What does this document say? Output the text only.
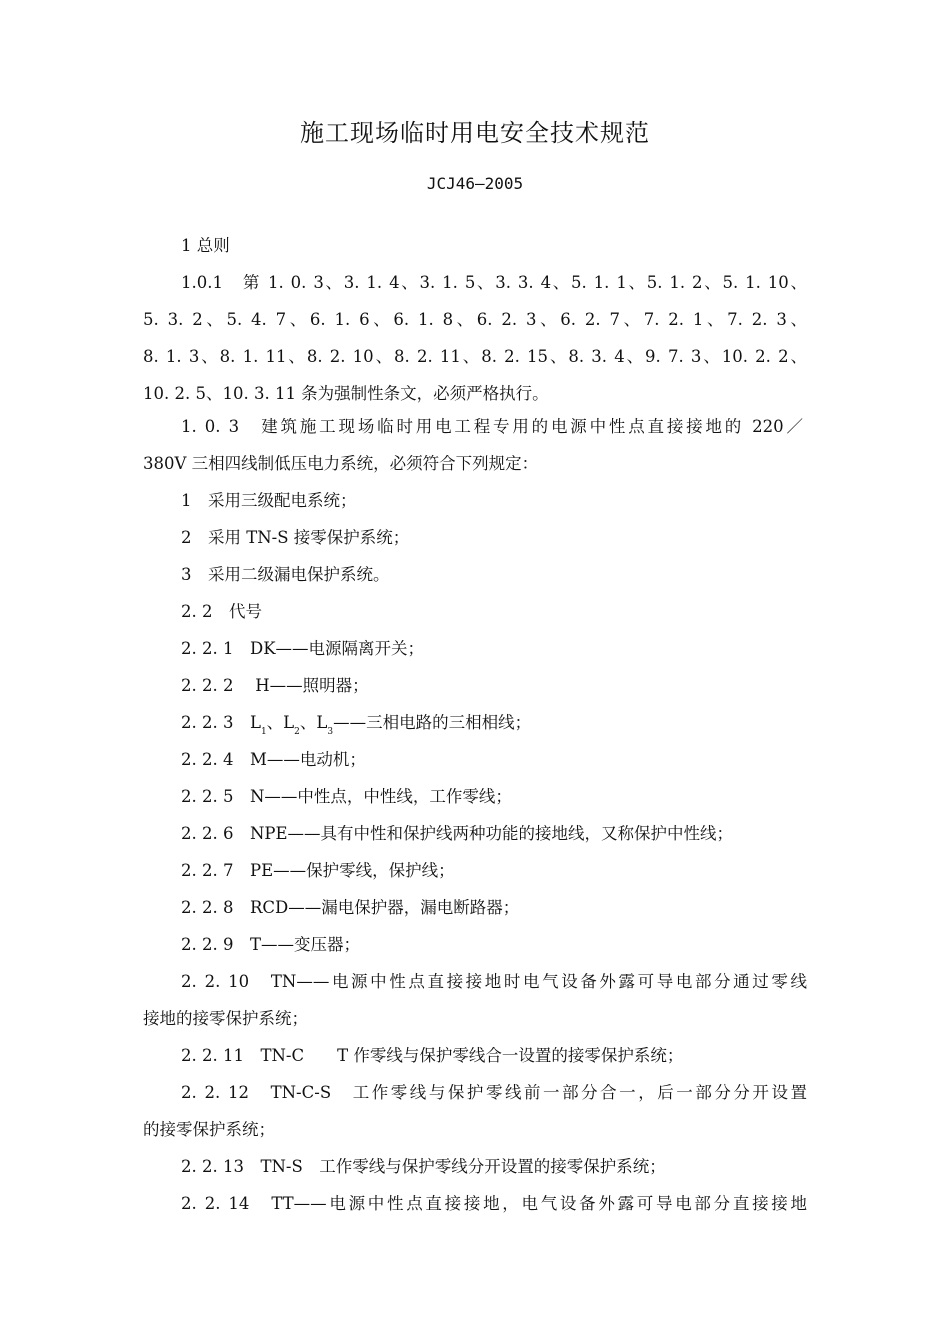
施工现场临时用电安全技术规范
JCJ46—2005
1 总则
1.0.1　第 1. 0. 3、3. 1. 4、3. 1. 5、3. 3. 4、5. 1. 1、5. 1. 2、5. 1. 10、
5. 3. 2、5. 4. 7、6. 1. 6、6. 1. 8、6. 2. 3、6. 2. 7、7. 2. 1、7. 2. 3、
8. 1. 3、8. 1. 11、8. 2. 10、8. 2. 11、8. 2. 15、8. 3. 4、9. 7. 3、10. 2. 2、
10. 2. 5、10. 3. 11 条为强制性条文，必须严格执行。
1. 0. 3　建筑施工现场临时用电工程专用的电源中性点直接接地的 220／
380V 三相四线制低压电力系统，必须符合下列规定：
1　采用三级配电系统；
2　采用 TN-S 接零保护系统；
3　采用二级漏电保护系统。
2. 2　代号
2. 2. 1　DK——电源隔离开关；
2. 2. 2　 H——照明器；
2. 2. 3　$L_1$、$L_2$、$L_3——$三相电路的三相相线；
2. 2. 4　M——电动机；
2. 2. 5　N——中性点，中性线，工作零线；
2. 2. 6　NPE——具有中性和保护线两种功能的接地线，又称保护中性线；
2. 2. 7　PE——保护零线，保护线；
2. 2. 8　RCD——漏电保护器，漏电断路器；
2. 2. 9　T——变压器；
2. 2. 10　TN——电源中性点直接接地时电气设备外露可导电部分通过零线
接地的接零保护系统；
2. 2. 11　TN-C　　T 作零线与保护零线合一设置的接零保护系统；
2. 2. 12　TN-C-S　工作零线与保护零线前一部分合一，后一部分分开设置
的接零保护系统；
2. 2. 13　TN-S　工作零线与保护零线分开设置的接零保护系统；
2. 2. 14　TT——电源中性点直接接地，电气设备外露可导电部分直接接地
